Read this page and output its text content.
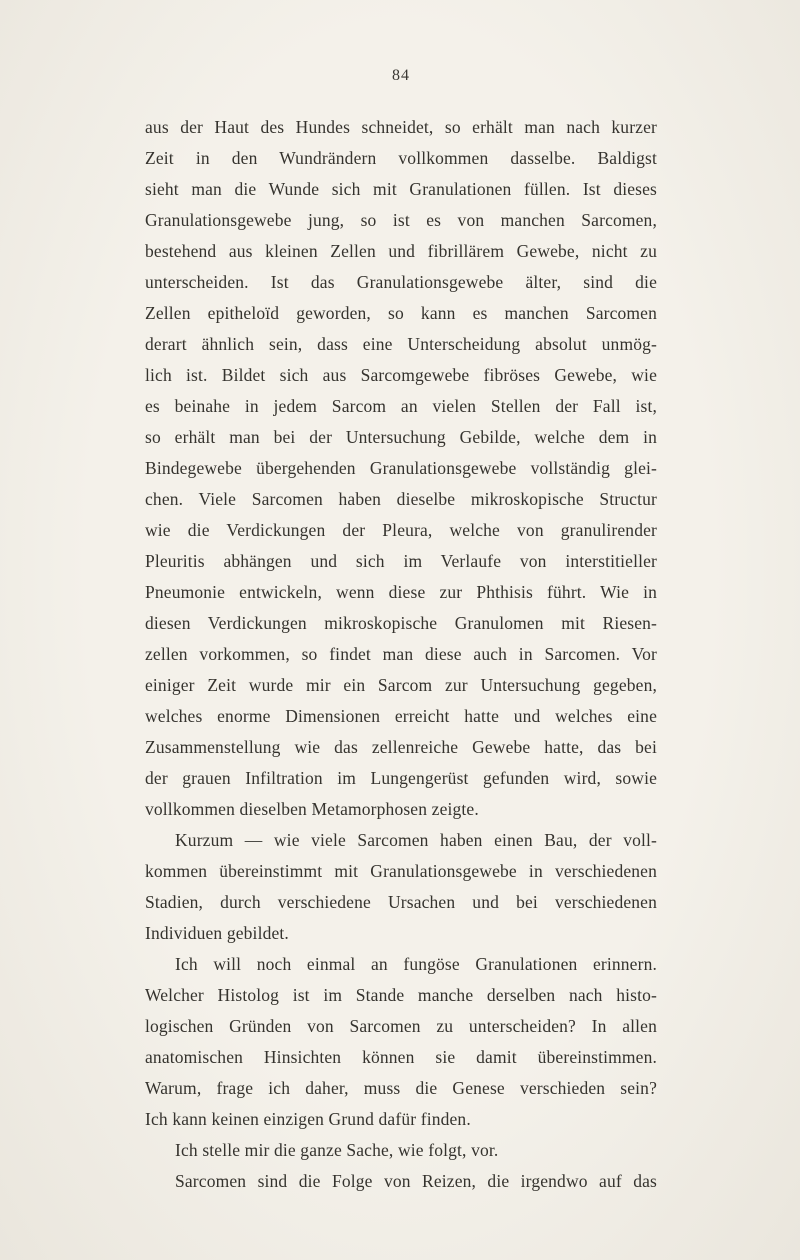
84
aus der Haut des Hundes schneidet, so erhält man nach kurzer
Zeit in den Wundrändern vollkommen dasselbe. Baldigst
sieht man die Wunde sich mit Granulationen füllen. Ist dieses
Granulationsgewebe jung, so ist es von manchen Sarcomen,
bestehend aus kleinen Zellen und fibrillärem Gewebe, nicht zu
unterscheiden. Ist das Granulationsgewebe älter, sind die
Zellen epitheloïd geworden, so kann es manchen Sarcomen
derart ähnlich sein, dass eine Unterscheidung absolut unmög-
lich ist. Bildet sich aus Sarcomgewebe fibröses Gewebe, wie
es beinahe in jedem Sarcom an vielen Stellen der Fall ist,
so erhält man bei der Untersuchung Gebilde, welche dem in
Bindegewebe übergehenden Granulationsgewebe vollständig glei-
chen. Viele Sarcomen haben dieselbe mikroskopische Structur
wie die Verdickungen der Pleura, welche von granulirender
Pleuritis abhängen und sich im Verlaufe von interstitieller
Pneumonie entwickeln, wenn diese zur Phthisis führt. Wie in
diesen Verdickungen mikroskopische Granulomen mit Riesen-
zellen vorkommen, so findet man diese auch in Sarcomen. Vor
einiger Zeit wurde mir ein Sarcom zur Untersuchung gegeben,
welches enorme Dimensionen erreicht hatte und welches eine
Zusammenstellung wie das zellenreiche Gewebe hatte, das bei
der grauen Infiltration im Lungengerüst gefunden wird, sowie
vollkommen dieselben Metamorphosen zeigte.
Kurzum — wie viele Sarcomen haben einen Bau, der voll-
kommen übereinstimmt mit Granulationsgewebe in verschiedenen
Stadien, durch verschiedene Ursachen und bei verschiedenen
Individuen gebildet.
Ich will noch einmal an fungöse Granulationen erinnern.
Welcher Histolog ist im Stande manche derselben nach histo-
logischen Gründen von Sarcomen zu unterscheiden? In allen
anatomischen Hinsichten können sie damit übereinstimmen.
Warum, frage ich daher, muss die Genese verschieden sein?
Ich kann keinen einzigen Grund dafür finden.
Ich stelle mir die ganze Sache, wie folgt, vor.
Sarcomen sind die Folge von Reizen, die irgendwo auf das
